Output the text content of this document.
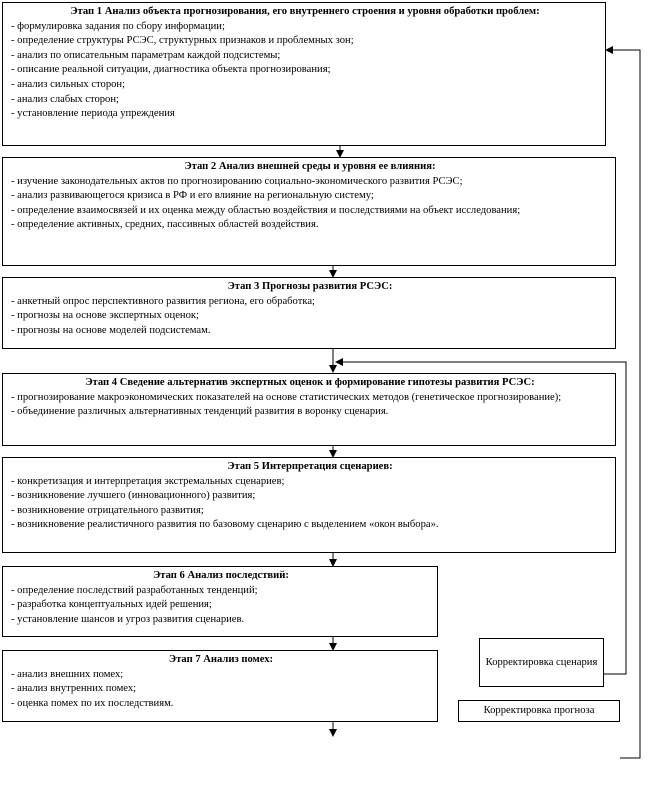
Этап 1 Анализ объекта прогнозирования, его внутреннего строения и уровня обработки проблем:
- формулировка задания по сбору информации;
- определение структуры РСЭС, структурных признаков и проблемных зон;
- анализ по описательным параметрам каждой подсистемы;
- описание реальной ситуации, диагностика объекта прогнозирования;
- анализ сильных сторон;
- анализ слабых сторон;
- установление периода упреждения
Этап 2 Анализ внешней среды и уровня ее влияния:
- изучение законодательных актов по прогнозированию социально-экономического развития РСЭС;
- анализ развивающегося кризиса в РФ и его влияние на региональную систему;
- определение взаимосвязей и их оценка между областью воздействия и последствиями на объект исследования;
- определение активных, средних, пассивных областей воздействия.
Этап 3 Прогнозы развития РСЭС:
- анкетный опрос перспективного развития региона, его обработка;
- прогнозы на основе экспертных оценок;
- прогнозы на основе моделей подсистемам.
Этап 4 Сведение альтернатив экспертных оценок и формирование гипотезы развития РСЭС:
- прогнозирование макроэкономических показателей на основе статистических методов (генетическое прогнозирование);
- объединение различных альтернативных тенденций развития в воронку сценария.
Этап 5 Интерпретация сценариев:
- конкретизация и интерпретация экстремальных сценариев;
- возникновение лучшего (инновационного) развития;
- возникновение отрицательного развития;
- возникновение реалистичного развития по базовому сценарию с выделением «окон выбора».
Этап 6 Анализ последствий:
- определение последствий разработанных тенденций;
- разработка концептуальных идей решения;
- установление шансов и угроз развития сценариев.
Этап 7 Анализ помех:
- анализ внешних помех;
- анализ внутренних помех;
- оценка помех по их последствиям.
Корректировка сценария
Корректировка прогноза
